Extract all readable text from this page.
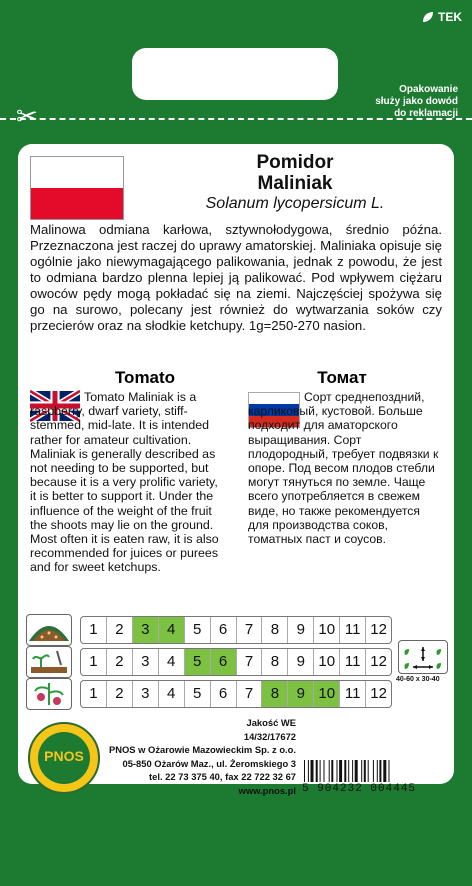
TEK
✂
Opakowanie
służy jako dowód
do reklamacji
Pomidor
Maliniak
Solanum lycopersicum L.
Malinowa odmiana karłowa, sztywnołodygowa, średnio późna. Przeznaczona jest raczej do uprawy amatorskiej. Maliniaka opisuje się ogólnie jako niewymagającego palikowania, jednak z powodu, że jest to odmiana bardzo plenna lepiej ją palikować. Pod wpływem ciężaru owoców pędy mogą pokładać się na ziemi. Najczęściej spożywa się go na surowo, polecany jest również do wytwarzania soków czy przecierów oraz na słodkie ketchupy. 1g=250-270 nasion.
Tomato	Томат
Tomato Maliniak is a raspberry, dwarf variety, stiff-stemmed, mid-late. It is intended rather for amateur cultivation. Maliniak is generally described as not needing to be supported, but because it is a very prolific variety, it is better to support it. Under the influence of the weight of the fruit the shoots may lie on the ground. Most often it is eaten raw, it is also recommended for juices or purees and for sweet ketchups.
Сорт среднепоздний, карликовый, кустовой. Больше подходит для аматорского выращивания. Сорт плодородный, требует подвязки к опоре. Под весом плодов стебли могут тянуться по земле. Чаще всего употребляется в свежем виде, но также рекомендуется для производства соков, томатных паст и соусов.
1	2	3	4	5	6	7	8	9 10 11 12
1	2	3	4	5	6	7	8	9 10 11 12
1	2	3	4	5	6	7	8	9 10 11 12
40-60 x 30-40
PNOS
Jakość WE
14/32/17672
PNOS w Ożarowie Mazowieckim Sp. z o.o.
05-850 Ożarów Maz., ul. Żeromskiego 3
tel. 22 73 375 40, fax 22 722 32 67
www.pnos.pl 5 904232 004445
